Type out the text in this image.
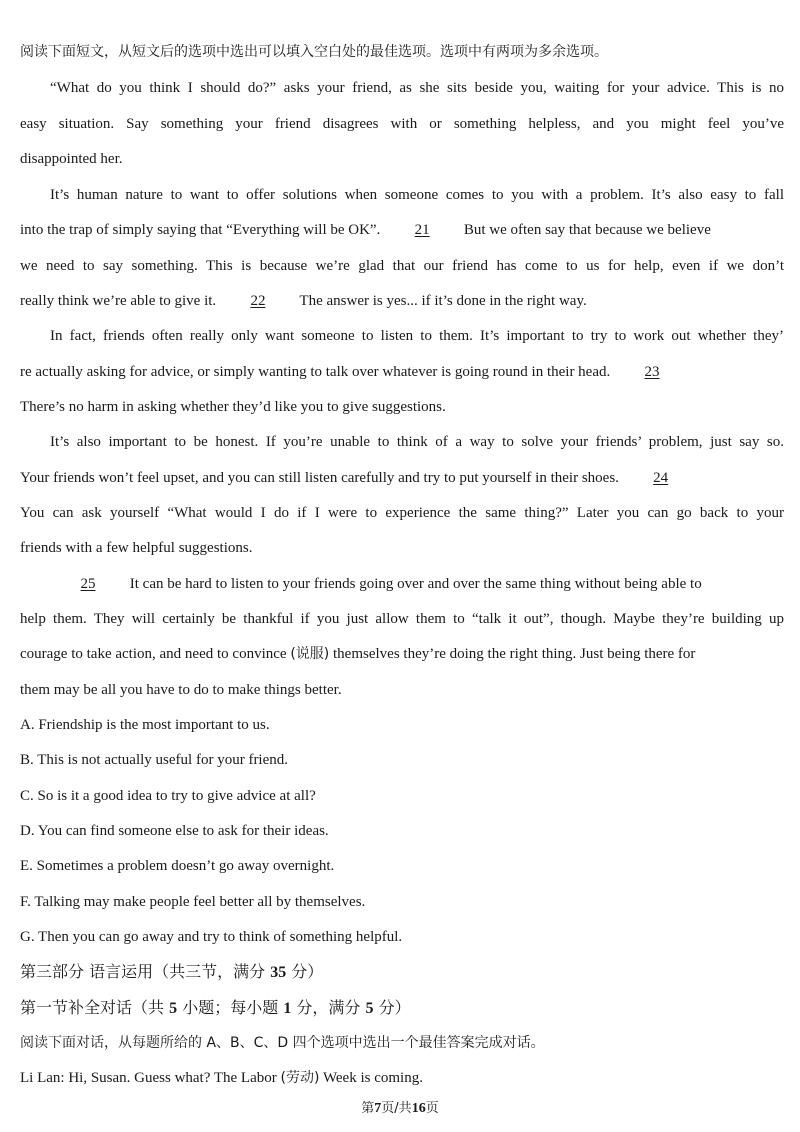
阅读下面短文，从短文后的选项中选出可以填入空白处的最佳选项。选项中有两项为多余选项。
“What do you think I should do?” asks your friend, as she sits beside you, waiting for your advice. This is no
easy situation. Say something your friend disagrees with or something helpless, and you might feel you’ve
disappointed her.
It’s human nature to want to offer solutions when someone comes to you with a problem. It’s also easy to fall
into the trap of simply saying that “Everything will be OK”. 21 But we often say that because we believe
we need to say something. This is because we’re glad that our friend has come to us for help, even if we don’t
really think we’re able to give it. 22 The answer is yes... if it’s done in the right way.
In fact, friends often really only want someone to listen to them. It’s important to try to work out whether they’
re actually asking for advice, or simply wanting to talk over whatever is going round in their head. 23
There’s no harm in asking whether they’d like you to give suggestions.
It’s also important to be honest. If you’re unable to think of a way to solve your friends’ problem, just say so.
Your friends won’t feel upset, and you can still listen carefully and try to put yourself in their shoes. 24
You can ask yourself “What would I do if I were to experience the same thing?” Later you can go back to your
friends with a few helpful suggestions.
25 It can be hard to listen to your friends going over and over the same thing without being able to
help them. They will certainly be thankful if you just allow them to “talk it out”, though. Maybe they’re building up
courage to take action, and need to convince (说服) themselves they’re doing the right thing. Just being there for
them may be all you have to do to make things better.
A. Friendship is the most important to us.
B. This is not actually useful for your friend.
C. So is it a good idea to try to give advice at all?
D. You can find someone else to ask for their ideas.
E. Sometimes a problem doesn’t go away overnight.
F. Talking may make people feel better all by themselves.
G. Then you can go away and try to think of something helpful.
第三部分 语言运用（共三节，满分 35 分）
第一节补全对话（共 5 小题；每小题 1 分，满分 5 分）
阅读下面对话，从每题所给的 A、B、C、D 四个选项中选出一个最佳答案完成对话。
Li Lan: Hi, Susan. Guess what? The Labor (劳动) Week is coming.
第7页/共16页
